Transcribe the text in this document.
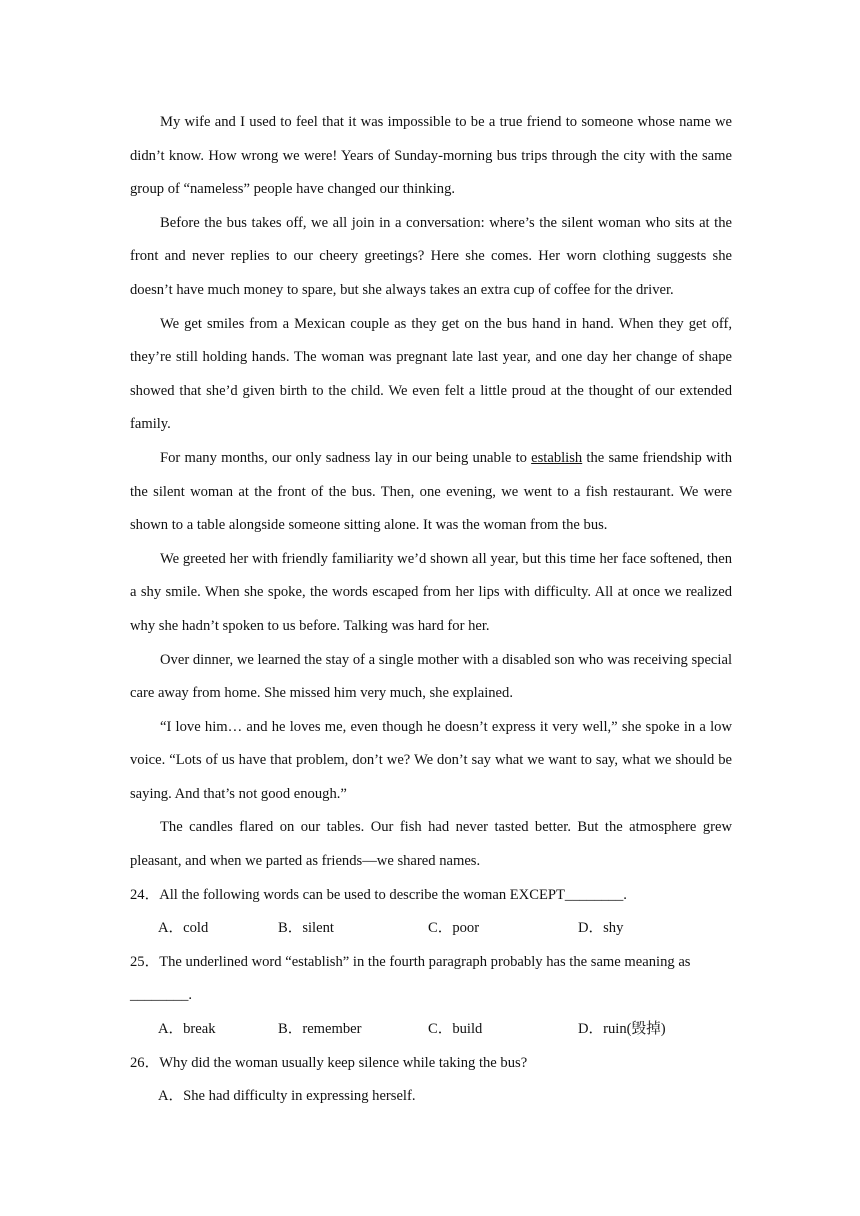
My wife and I used to feel that it was impossible to be a true friend to someone whose name we didn’t know. How wrong we were! Years of Sunday-morning bus trips through the city with the same group of “nameless” people have changed our thinking.

Before the bus takes off, we all join in a conversation: where’s the silent woman who sits at the front and never replies to our cheery greetings? Here she comes. Her worn clothing suggests she doesn’t have much money to spare, but she always takes an extra cup of coffee for the driver.

We get smiles from a Mexican couple as they get on the bus hand in hand. When they get off, they’re still holding hands. The woman was pregnant late last year, and one day her change of shape showed that she’d given birth to the child. We even felt a little proud at the thought of our extended family.

For many months, our only sadness lay in our being unable to establish the same friendship with the silent woman at the front of the bus. Then, one evening, we went to a fish restaurant. We were shown to a table alongside someone sitting alone. It was the woman from the bus.

We greeted her with friendly familiarity we’d shown all year, but this time her face softened, then a shy smile. When she spoke, the words escaped from her lips with difficulty. All at once we realized why she hadn’t spoken to us before. Talking was hard for her.

Over dinner, we learned the stay of a single mother with a disabled son who was receiving special care away from home. She missed him very much, she explained.

“I love him… and he loves me, even though he doesn’t express it very well,” she spoke in a low voice. “Lots of us have that problem, don’t we? We don’t say what we want to say, what we should be saying. And that’s not good enough.”

The candles flared on our tables. Our fish had never tasted better. But the atmosphere grew pleasant, and when we parted as friends—we shared names.

24．All the following words can be used to describe the woman EXCEPT________.

A．cold	B．silent	C．poor	D．shy

25．The underlined word “establish” in the fourth paragraph probably has the same meaning as

________.

A．break	B．remember	C．build	D．ruin(毁掉)

26．Why did the woman usually keep silence while taking the bus?

A．She had difficulty in expressing herself.
